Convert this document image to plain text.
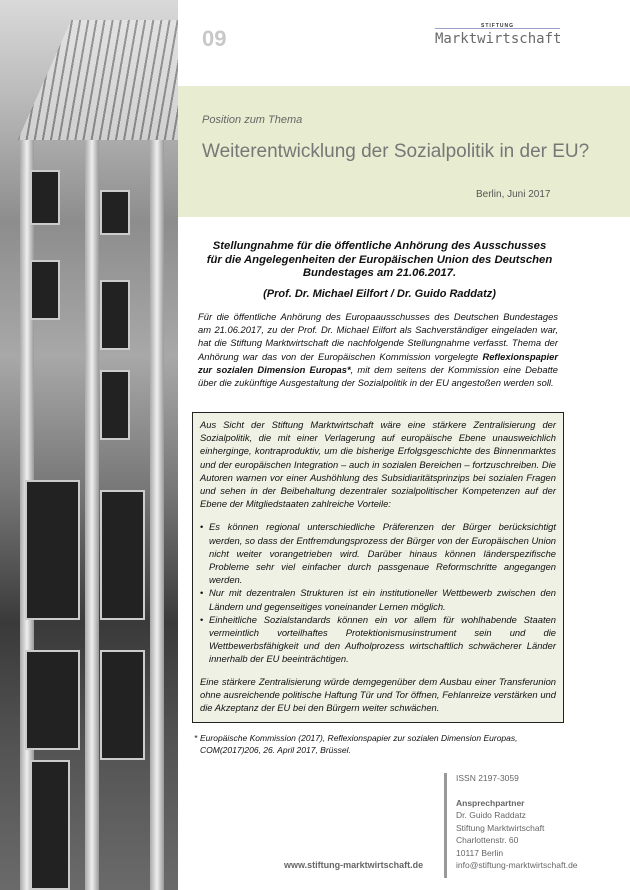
09	STIFTUNG
Marktwirtschaft
Position zum Thema
Weiterentwicklung der Sozialpolitik in der EU?
Berlin, Juni 2017
Stellungnahme für die öffentliche Anhörung des Ausschusses
für die Angelegenheiten der Europäischen Union des Deutschen
Bundestages am 21.06.2017.
(Prof. Dr. Michael Eilfort / Dr. Guido Raddatz)
Für die öffentliche Anhörung des Europaausschusses des Deutschen Bundestages am 21.06.2017, zu der Prof. Dr. Michael Eilfort als Sachverständiger eingeladen war, hat die Stiftung Marktwirtschaft die nachfolgende Stellungnahme verfasst. Thema der Anhörung war das von der Europäischen Kommission vorgelegte Reflexionspapier zur sozialen Dimension Europas*, mit dem seitens der Kommission eine Debatte über die zukünftige Ausgestaltung der Sozialpolitik in der EU angestoßen werden soll.

Aus Sicht der Stiftung Marktwirtschaft wäre eine stärkere Zentralisierung der Sozialpolitik, die mit einer Verlagerung auf europäische Ebene unausweichlich einherginge, kontraproduktiv, um die bisherige Erfolgsgeschichte des Binnenmarktes und der europäischen Integration – auch in sozialen Bereichen – fortzuschreiben. Die Autoren warnen vor einer Aushöhlung des Subsidiaritätsprinzips bei sozialen Fragen und sehen in der Beibehaltung dezentraler sozialpolitischer Kompetenzen auf der Ebene der Mitgliedstaaten zahlreiche Vorteile:

• Es können regional unterschiedliche Präferenzen der Bürger berücksichtigt werden, so dass der Entfremdungsprozess der Bürger von der Europäischen Union nicht weiter vorangetrieben wird. Darüber hinaus können länderspezifische Probleme sehr viel einfacher durch passgenaue Reformschritte angegangen werden.
• Nur mit dezentralen Strukturen ist ein institutioneller Wettbewerb zwischen den Ländern und gegenseitiges voneinander Lernen möglich.
• Einheitliche Sozialstandards können ein vor allem für wohlhabende Staaten vermeintlich vorteilhaftes Protektionismusinstrument sein und die Wettbewerbsfähigkeit und den Aufholprozess wirtschaftlich schwächerer Länder innerhalb der EU beeinträchtigen.

Eine stärkere Zentralisierung würde demgegenüber dem Ausbau einer Transferunion ohne ausreichende politische Haftung Tür und Tor öffnen, Fehlanreize verstärken und die Akzeptanz der EU bei den Bürgern weiter schwächen.

* Europäische Kommission (2017), Reflexionspapier zur sozialen Dimension Europas,
COM(2017)206, 26. April 2017, Brüssel.
www.stiftung-marktwirtschaft.de
ISSN 2197-3059
Ansprechpartner
Dr. Guido Raddatz
Stiftung Marktwirtschaft
Charlottenstr. 60
10117 Berlin
info@stiftung-marktwirtschaft.de
